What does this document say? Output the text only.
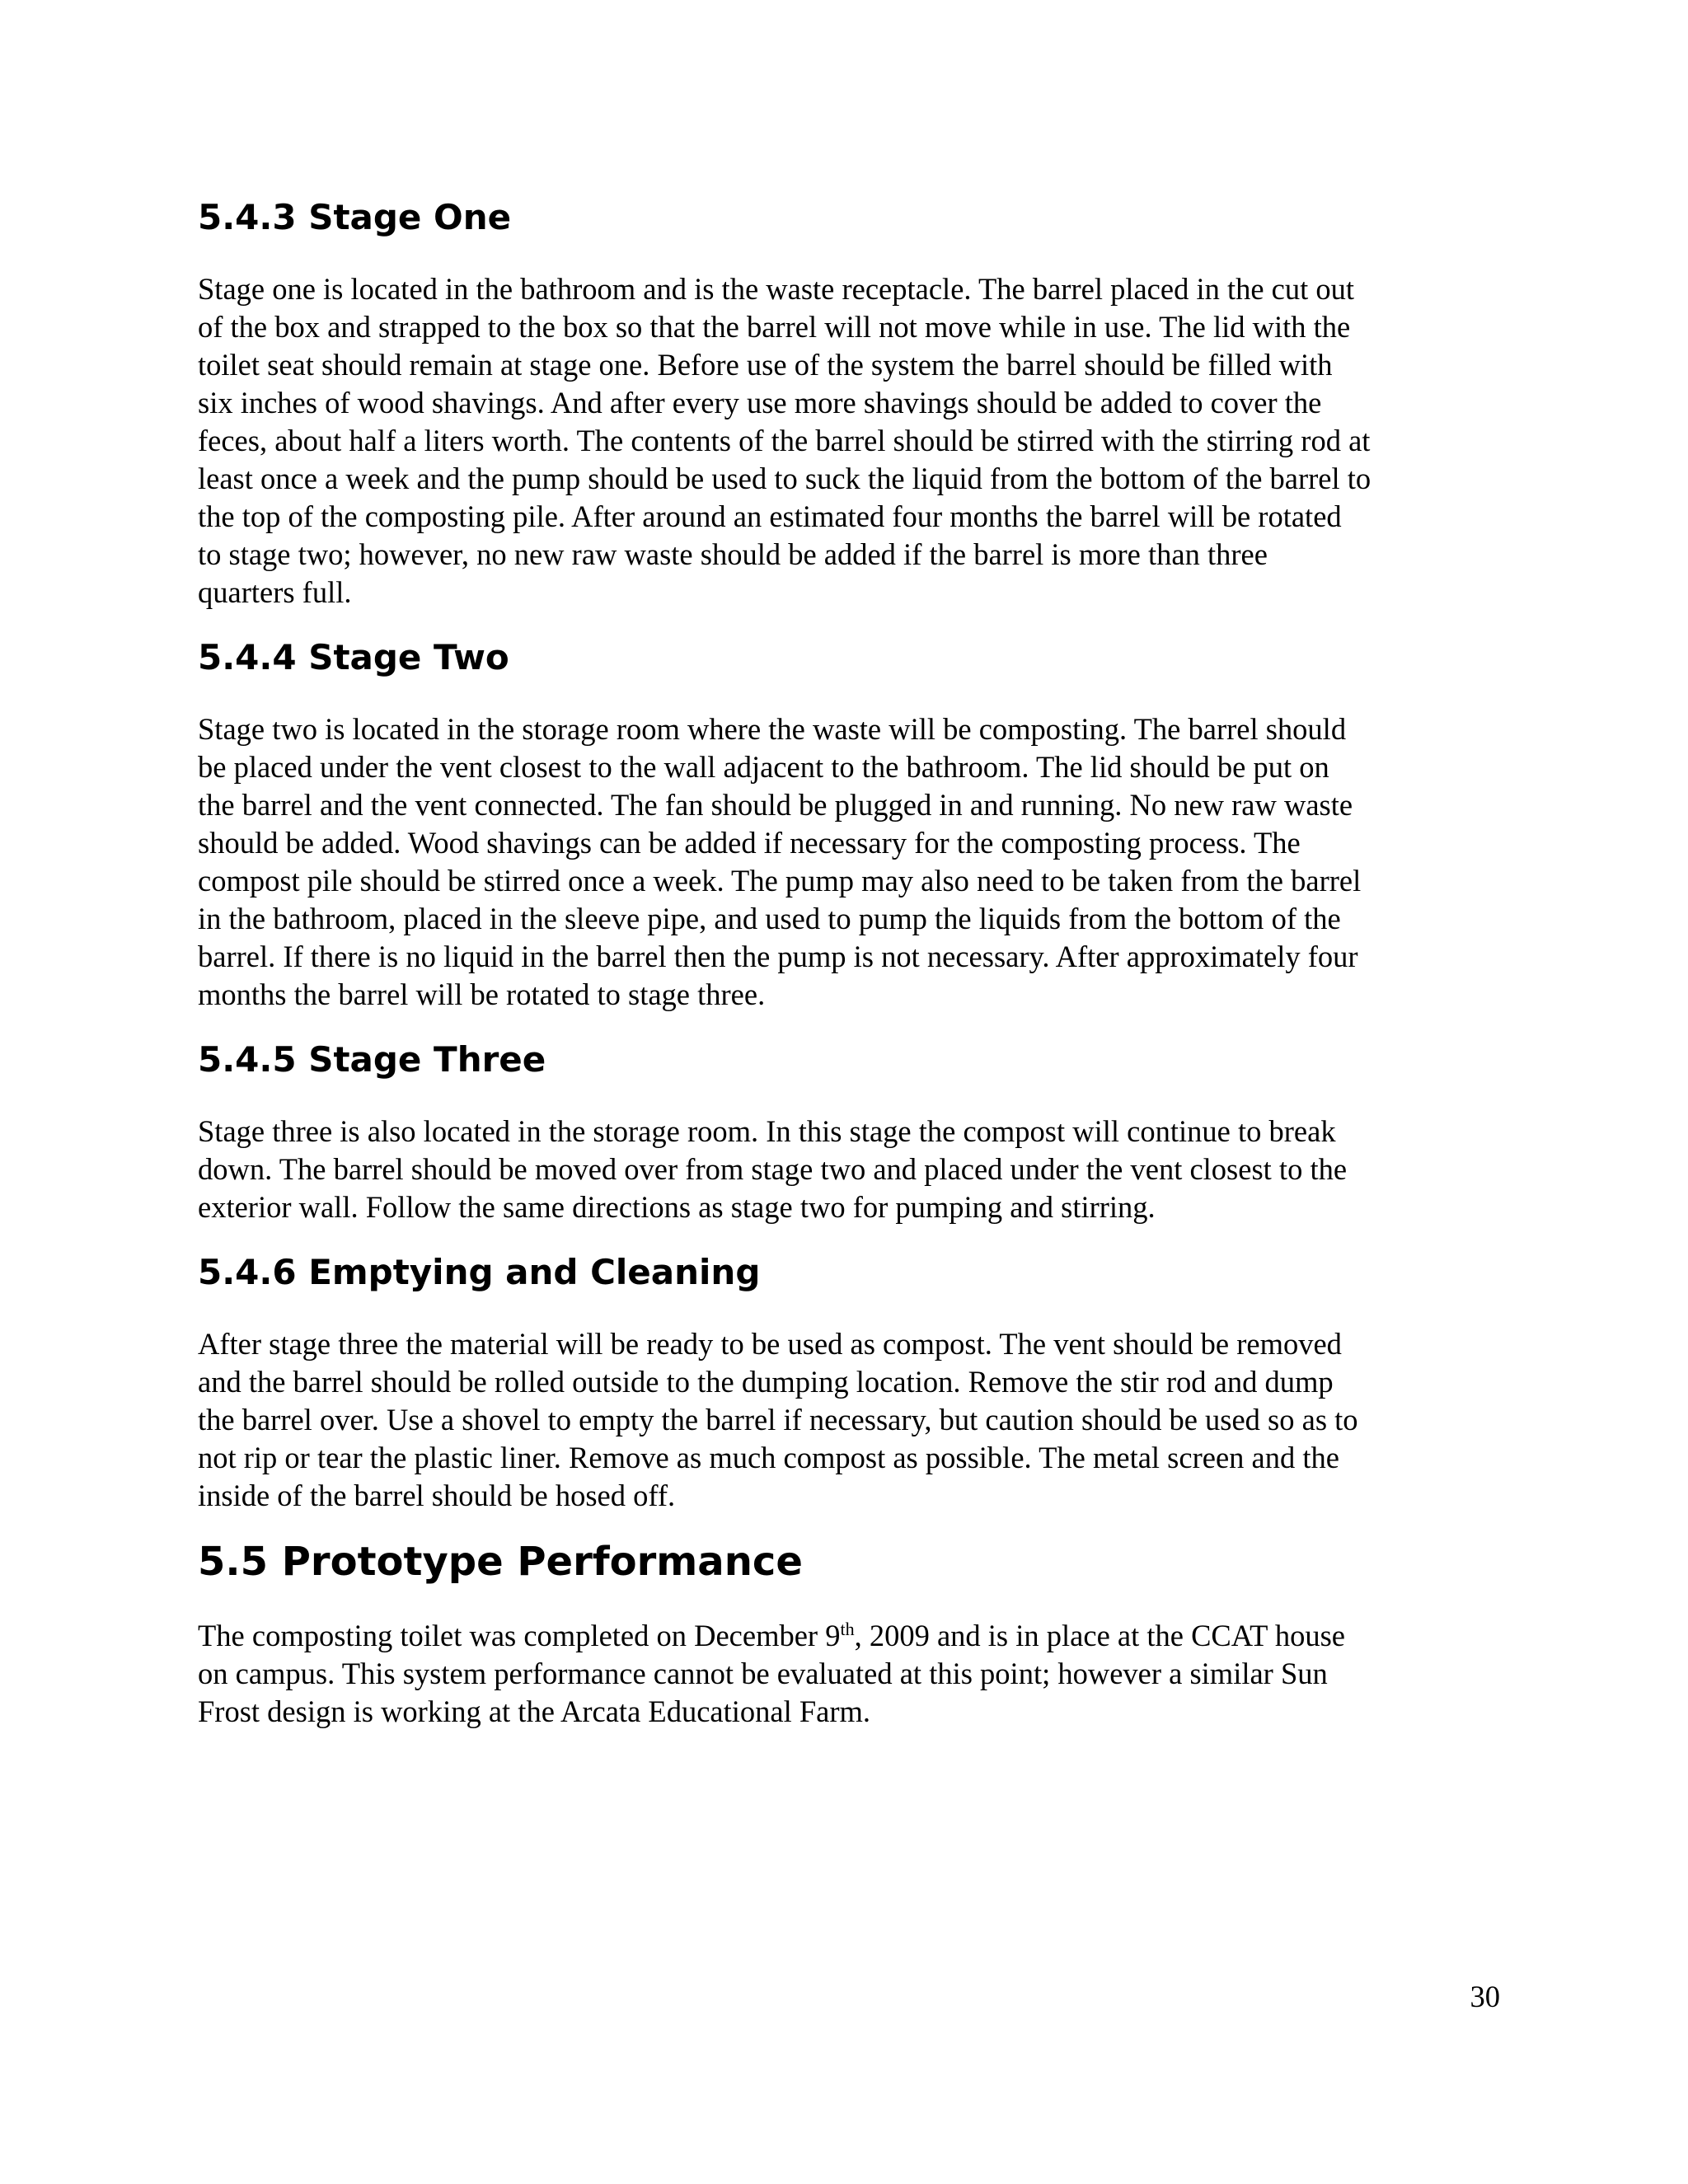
5.4.3 Stage One

Stage one is located in the bathroom and is the waste receptacle. The barrel placed in the cut out
of the box and strapped to the box so that the barrel will not move while in use. The lid with the
toilet seat should remain at stage one. Before use of the system the barrel should be filled with
six inches of wood shavings. And after every use more shavings should be added to cover the
feces, about half a liters worth. The contents of the barrel should be stirred with the stirring rod at
least once a week and the pump should be used to suck the liquid from the bottom of the barrel to
the top of the composting pile. After around an estimated four months the barrel will be rotated
to stage two; however, no new raw waste should be added if the barrel is more than three
quarters full.

5.4.4 Stage Two

Stage two is located in the storage room where the waste will be composting. The barrel should
be placed under the vent closest to the wall adjacent to the bathroom. The lid should be put on
the barrel and the vent connected. The fan should be plugged in and running. No new raw waste
should be added. Wood shavings can be added if necessary for the composting process. The
compost pile should be stirred once a week. The pump may also need to be taken from the barrel
in the bathroom, placed in the sleeve pipe, and used to pump the liquids from the bottom of the
barrel. If there is no liquid in the barrel then the pump is not necessary. After approximately four
months the barrel will be rotated to stage three.

5.4.5 Stage Three

Stage three is also located in the storage room. In this stage the compost will continue to break
down. The barrel should be moved over from stage two and placed under the vent closest to the
exterior wall. Follow the same directions as stage two for pumping and stirring.

5.4.6 Emptying and Cleaning

After stage three the material will be ready to be used as compost. The vent should be removed
and the barrel should be rolled outside to the dumping location. Remove the stir rod and dump
the barrel over. Use a shovel to empty the barrel if necessary, but caution should be used so as to
not rip or tear the plastic liner. Remove as much compost as possible. The metal screen and the
inside of the barrel should be hosed off.

5.5 Prototype Performance

The composting toilet was completed on December 9th, 2009 and is in place at the CCAT house
on campus. This system performance cannot be evaluated at this point; however a similar Sun
Frost design is working at the Arcata Educational Farm.

30
